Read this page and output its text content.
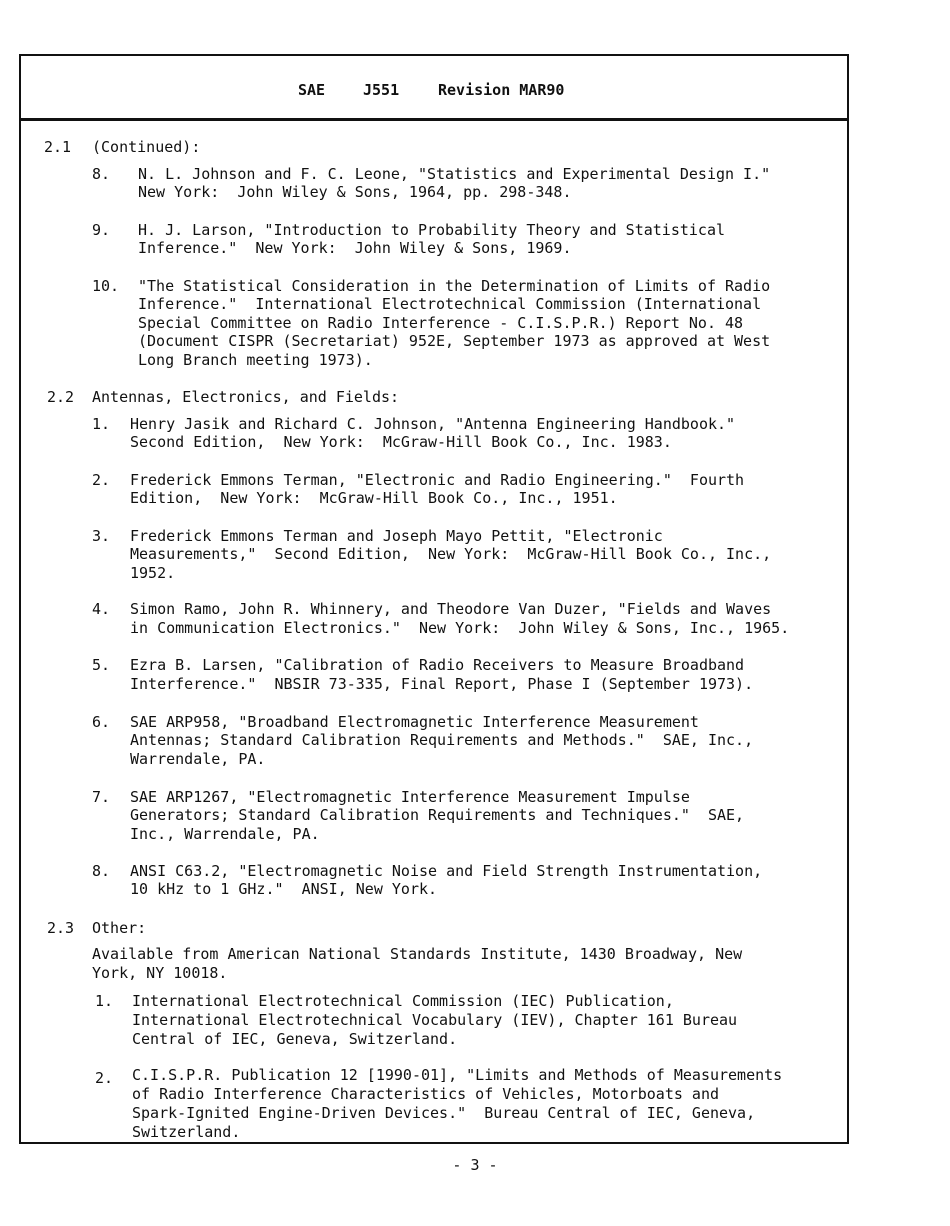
SAE	J551	Revision MAR90
2.1 (Continued):
8. N. L. Johnson and F. C. Leone, "Statistics and Experimental Design I."
New York:  John Wiley & Sons, 1964, pp. 298-348.
9. H. J. Larson, "Introduction to Probability Theory and Statistical
Inference."  New York:  John Wiley & Sons, 1969.
10. "The Statistical Consideration in the Determination of Limits of Radio
Inference."  International Electrotechnical Commission (International
Special Committee on Radio Interference - C.I.S.P.R.) Report No. 48
(Document CISPR (Secretariat) 952E, September 1973 as approved at West
Long Branch meeting 1973).
2.2 Antennas, Electronics, and Fields:
1. Henry Jasik and Richard C. Johnson, "Antenna Engineering Handbook."
Second Edition,  New York:  McGraw-Hill Book Co., Inc. 1983.
2. Frederick Emmons Terman, "Electronic and Radio Engineering."  Fourth
Edition,  New York:  McGraw-Hill Book Co., Inc., 1951.
3. Frederick Emmons Terman and Joseph Mayo Pettit, "Electronic
Measurements,"  Second Edition,  New York:  McGraw-Hill Book Co., Inc.,
1952.
4. Simon Ramo, John R. Whinnery, and Theodore Van Duzer, "Fields and Waves
in Communication Electronics."  New York:  John Wiley & Sons, Inc., 1965.
5. Ezra B. Larsen, "Calibration of Radio Receivers to Measure Broadband
Interference."  NBSIR 73-335, Final Report, Phase I (September 1973).
6. SAE ARP958, "Broadband Electromagnetic Interference Measurement
Antennas; Standard Calibration Requirements and Methods."  SAE, Inc.,
Warrendale, PA.
7. SAE ARP1267, "Electromagnetic Interference Measurement Impulse
Generators; Standard Calibration Requirements and Techniques."  SAE,
Inc., Warrendale, PA.
8. ANSI C63.2, "Electromagnetic Noise and Field Strength Instrumentation,
10 kHz to 1 GHz."  ANSI, New York.
2.3 Other:
Available from American National Standards Institute, 1430 Broadway, New
York, NY 10018.
1. International Electrotechnical Commission (IEC) Publication,
International Electrotechnical Vocabulary (IEV), Chapter 161 Bureau
Central of IEC, Geneva, Switzerland.
2. C.I.S.P.R. Publication 12 [1990-01], "Limits and Methods of Measurements
of Radio Interference Characteristics of Vehicles, Motorboats and
Spark-Ignited Engine-Driven Devices."  Bureau Central of IEC, Geneva,
Switzerland.
- 3 -
